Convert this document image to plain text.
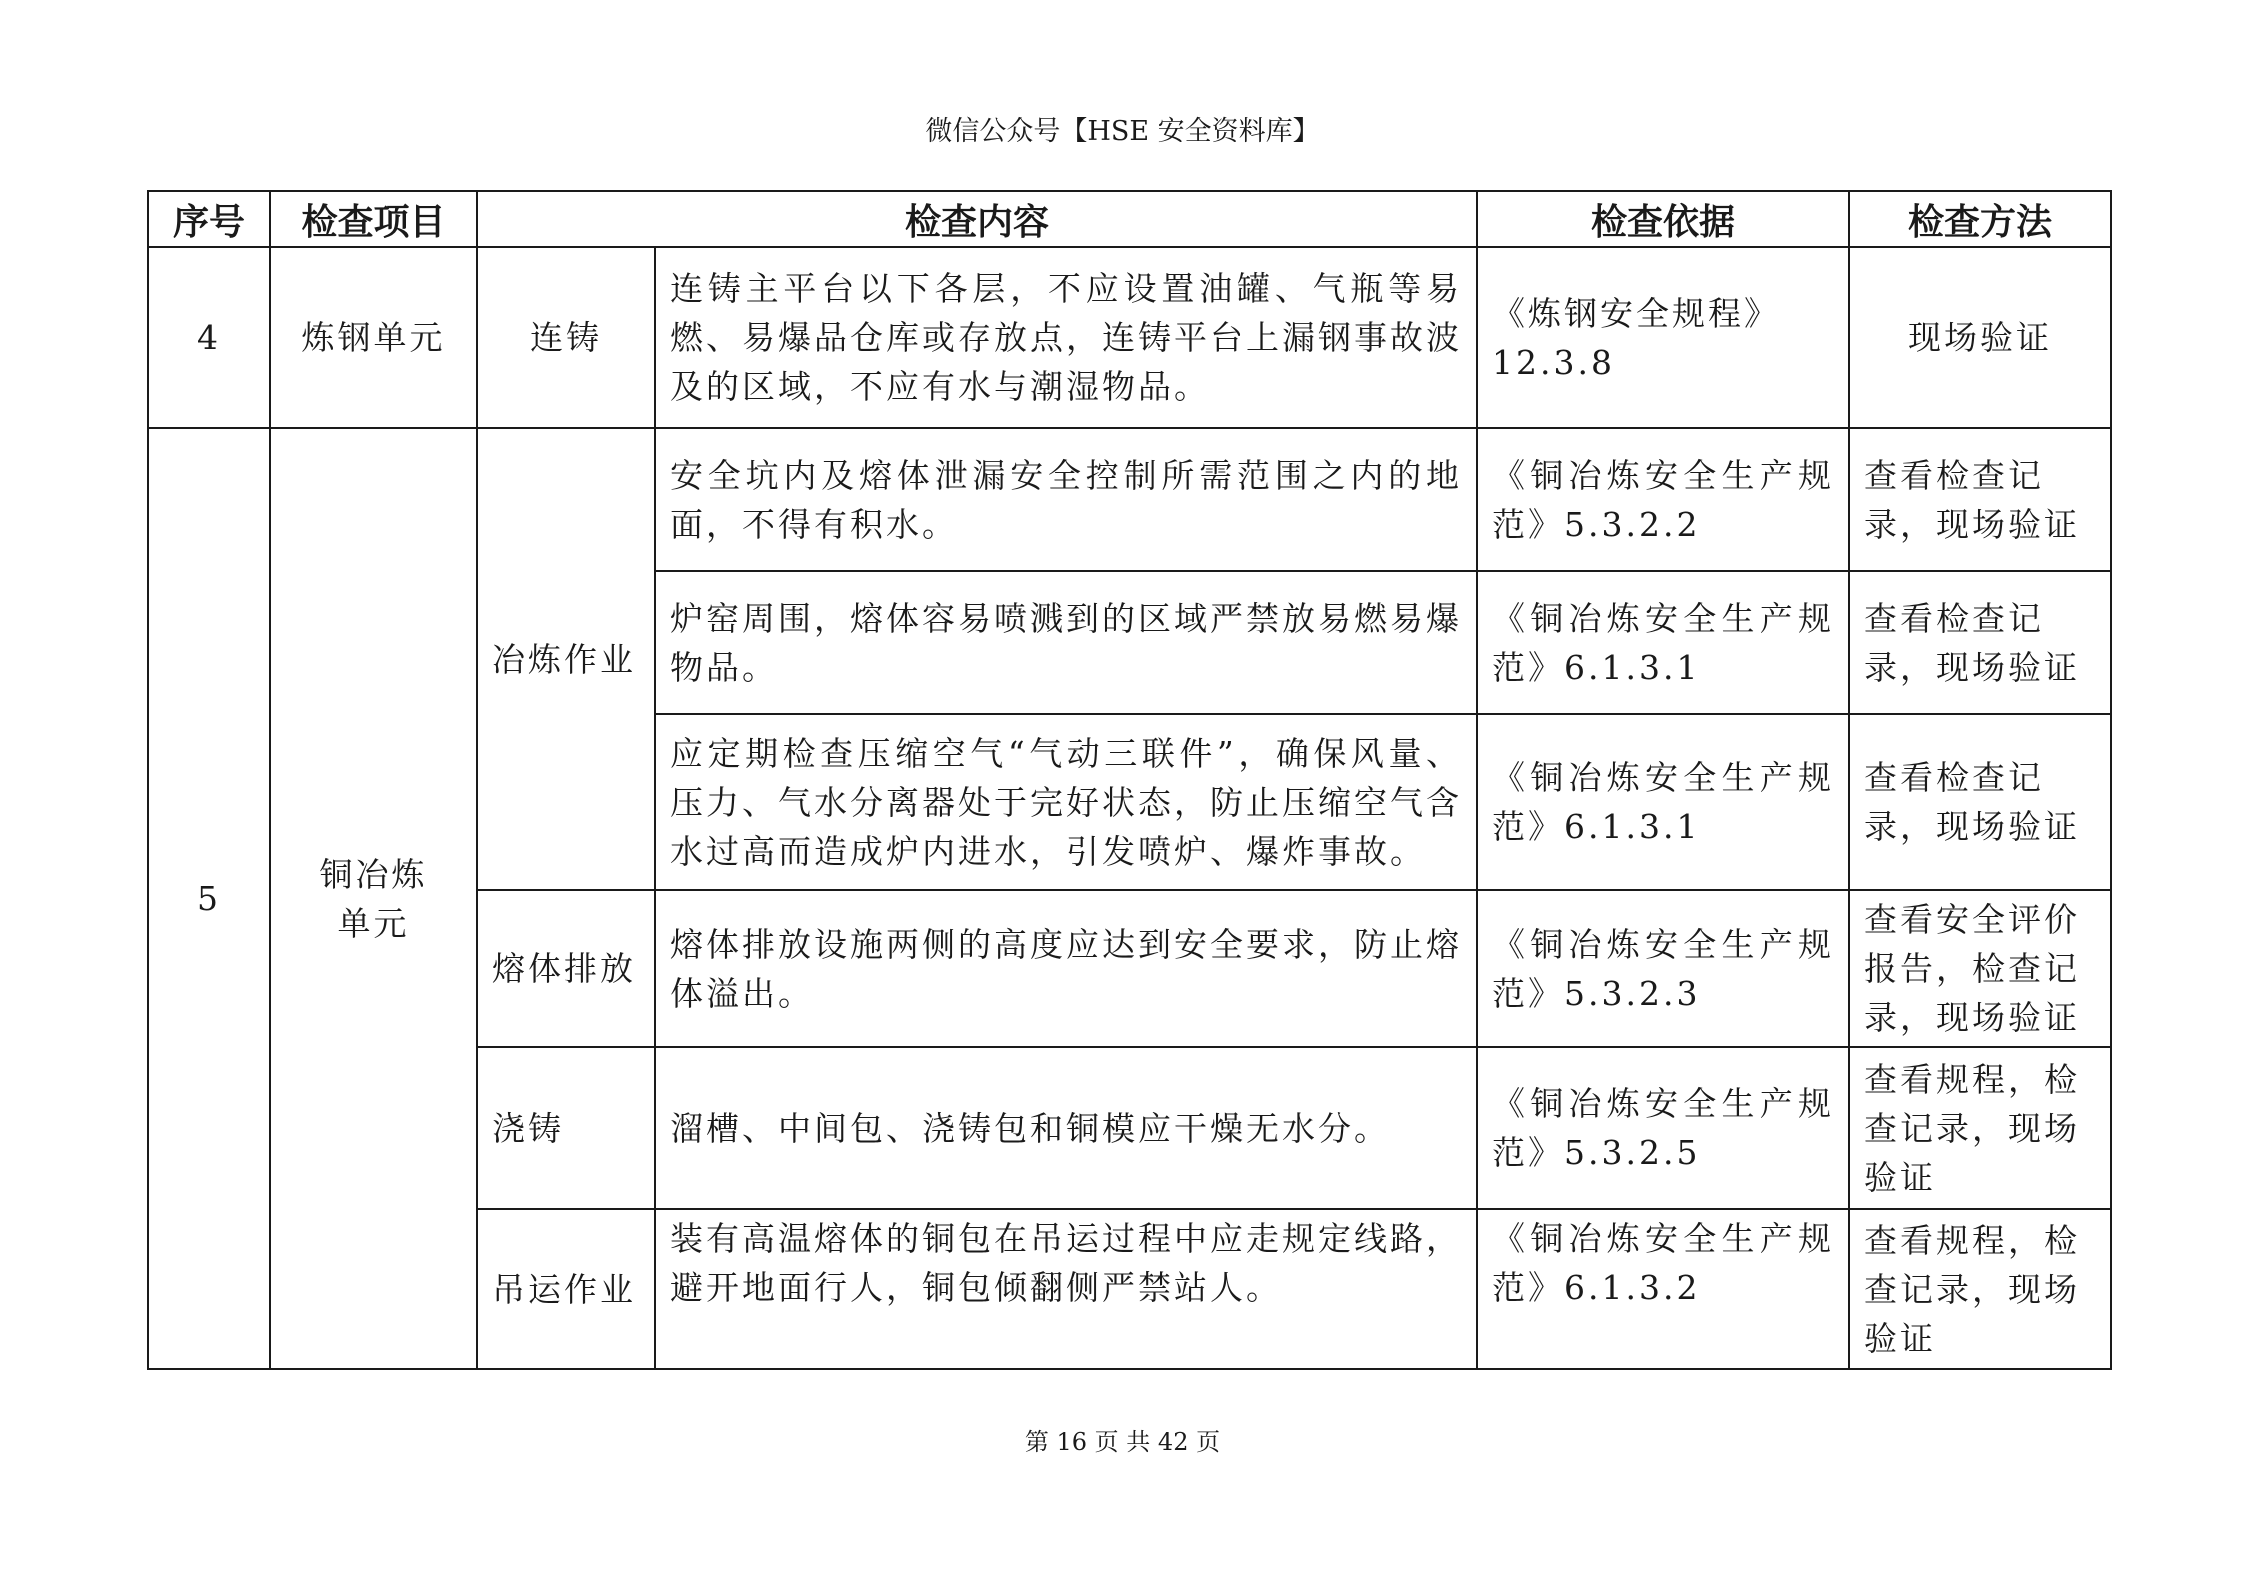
微信公众号【HSE 安全资料库】
序号	检查项目	检查内容		检查依据	检查方法
4	炼钢单元	连铸	连铸主平台以下各层，不应设置油罐、气瓶等易燃、易爆品仓库或存放点，连铸平台上漏钢事故波及的区域，不应有水与潮湿物品。	《炼钢安全规程》12.3.8	现场验证
5	铜冶炼单元	冶炼作业	安全坑内及熔体泄漏安全控制所需范围之内的地面，不得有积水。	《铜冶炼安全生产规范》5.3.2.2	查看检查记录，现场验证
			炉窑周围，熔体容易喷溅到的区域严禁放易燃易爆物品。	《铜冶炼安全生产规范》6.1.3.1	查看检查记录，现场验证
			应定期检查压缩空气“气动三联件”，确保风量、压力、气水分离器处于完好状态，防止压缩空气含水过高而造成炉内进水，引发喷炉、爆炸事故。	《铜冶炼安全生产规范》6.1.3.1	查看检查记录，现场验证
		熔体排放	熔体排放设施两侧的高度应达到安全要求，防止熔体溢出。	《铜冶炼安全生产规范》5.3.2.3	查看安全评价报告，检查记录，现场验证
		浇铸	溜槽、中间包、浇铸包和铜模应干燥无水分。	《铜冶炼安全生产规范》5.3.2.5	查看规程，检查记录，现场验证
		吊运作业	装有高温熔体的铜包在吊运过程中应走规定线路，避开地面行人，铜包倾翻侧严禁站人。	《铜冶炼安全生产规范》6.1.3.2	查看规程，检查记录，现场验证
第 16 页 共 42 页
